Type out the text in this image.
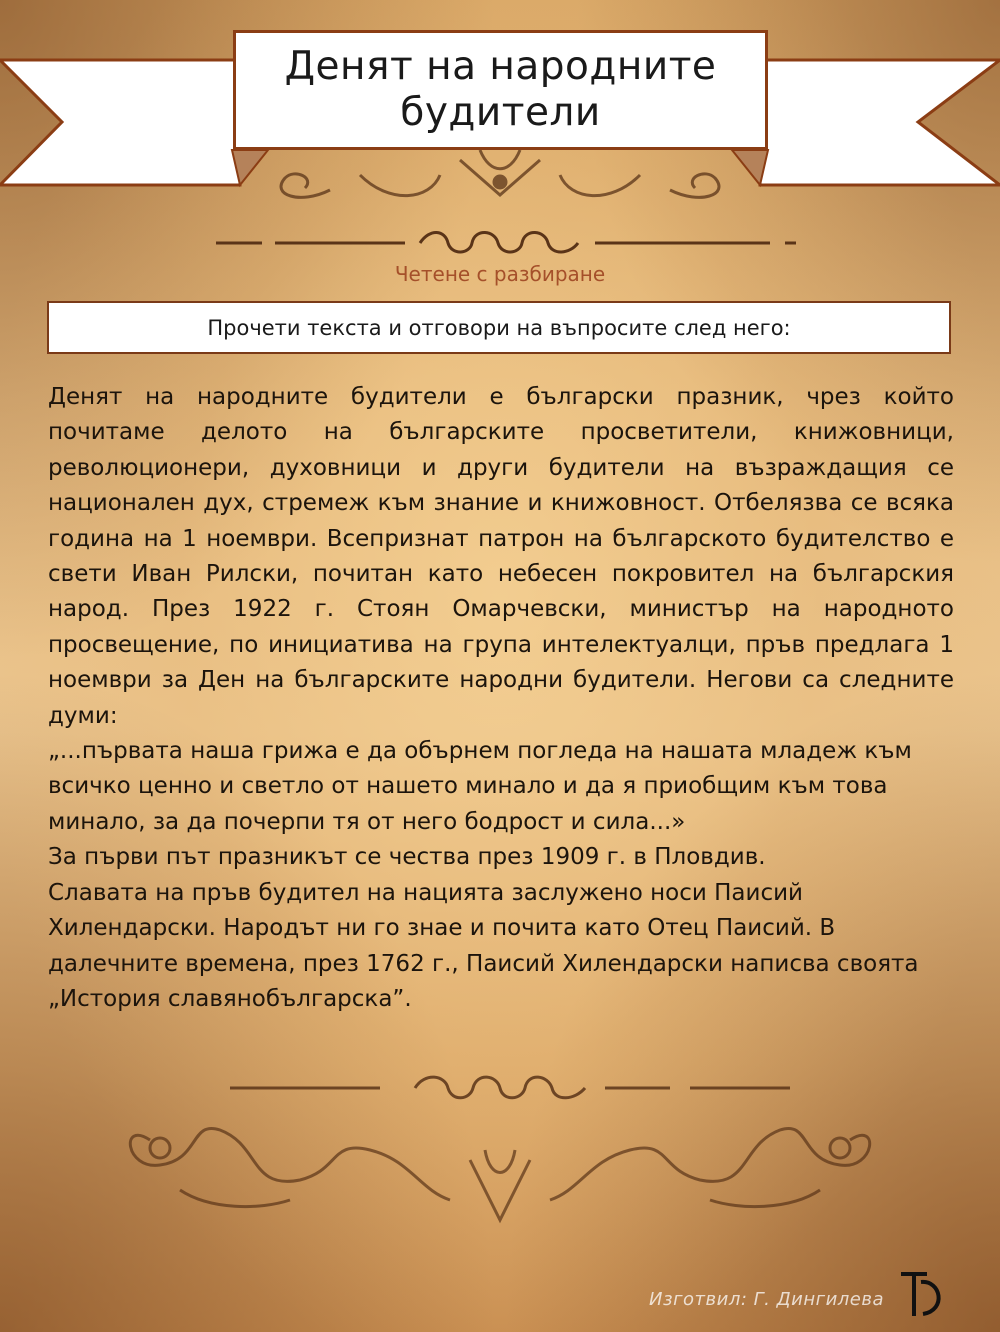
Денят на народните
будители
Четене с разбиране
Прочети текста и отговори на въпросите след него:

Денят на народните будители е български празник, чрез който почитаме делото на българските просветители, книжовници, революционери, духовници и други будители на възраждащия се национален дух, стремеж към знание и книжовност. Отбелязва се всяка година на 1 ноември. Всепризнат патрон на българското будителство е свети Иван Рилски, почитан като небесен покровител на българския народ. През 1922 г. Стоян Омарчевски, министър на народното просвещение, по инициатива на група интелектуалци, пръв предлага 1 ноември за Ден на българските народни будители. Негови са следните думи:

„...първата наша грижа е да обърнем погледа на нашата младеж към всичко ценно и светло от нашето минало и да я приобщим към това минало, за да почерпи тя от него бодрост и сила...»

За първи път празникът се чества през 1909 г. в Пловдив.

Славата на пръв будител на нацията заслужено носи Паисий Хилендарски. Народът ни го знае и почита като Отец Паисий. В далечните времена, през 1762 г., Паисий Хилендарски написва своята „История славянобългарска”.

Изготвил: Г. Дингилева
